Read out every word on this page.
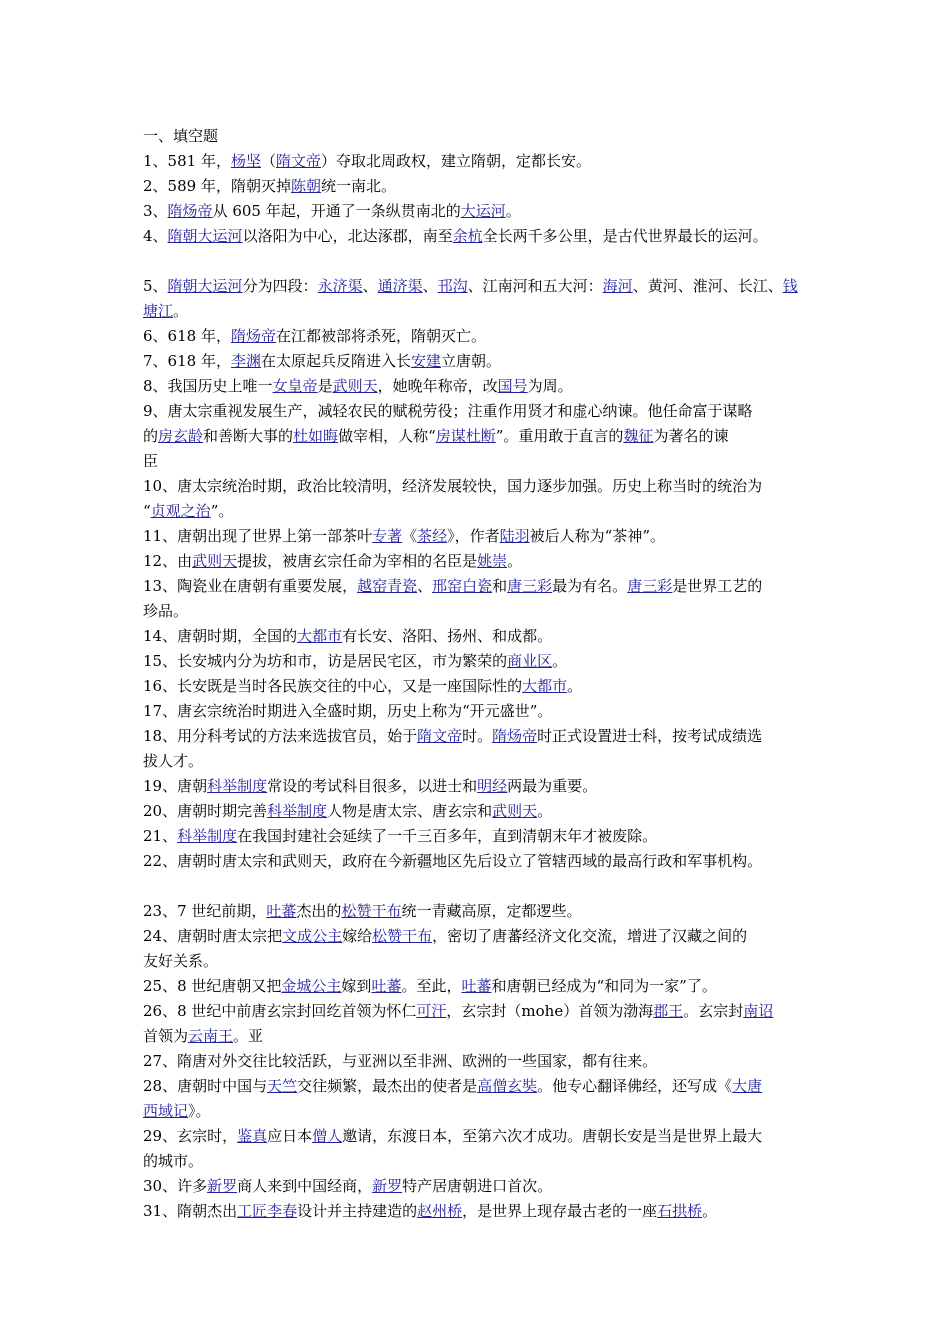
一、填空题
1、581 年，杨坚（隋文帝）夺取北周政权，建立隋朝，定都长安。
2、589 年，隋朝灭掉陈朝统一南北。
3、隋炀帝从 605 年起，开通了一条纵贯南北的大运河。
4、隋朝大运河以洛阳为中心，北达涿郡，南至余杭全长两千多公里，是古代世界最长的运河。
5、隋朝大运河分为四段：永济渠、通济渠、邗沟、江南河和五大河：海河、黄河、淮河、长江、钱
塘江。
6、618 年，隋炀帝在江都被部将杀死，隋朝灭亡。
7、618 年，李渊在太原起兵反隋进入长安建立唐朝。
8、我国历史上唯一女皇帝是武则天，她晚年称帝，改国号为周。
9、唐太宗重视发展生产，减轻农民的赋税劳役；注重作用贤才和虚心纳谏。他任命富于谋略
的房玄龄和善断大事的杜如晦做宰相，人称“房谋杜断”。重用敢于直言的魏征为著名的谏
臣
10、唐太宗统治时期，政治比较清明，经济发展较快，国力逐步加强。历史上称当时的统治为
“贞观之治”。
11、唐朝出现了世界上第一部茶叶专著《茶经》，作者陆羽被后人称为“茶神”。
12、由武则天提拔，被唐玄宗任命为宰相的名臣是姚崇。
13、陶瓷业在唐朝有重要发展，越窑青瓷、邢窑白瓷和唐三彩最为有名。唐三彩是世界工艺的
珍品。
14、唐朝时期，全国的大都市有长安、洛阳、扬州、和成都。
15、长安城内分为坊和市，访是居民宅区，市为繁荣的商业区。
16、长安既是当时各民族交往的中心，又是一座国际性的大都市。
17、唐玄宗统治时期进入全盛时期，历史上称为“开元盛世”。
18、用分科考试的方法来选拔官员，始于隋文帝时。隋炀帝时正式设置进士科，按考试成绩选
拔人才。
19、唐朝科举制度常设的考试科目很多，以进士和明经两最为重要。
20、唐朝时期完善科举制度人物是唐太宗、唐玄宗和武则天。
21、科举制度在我国封建社会延续了一千三百多年，直到清朝末年才被废除。
22、唐朝时唐太宗和武则天，政府在今新疆地区先后设立了管辖西域的最高行政和军事机构。
23、7 世纪前期，吐蕃杰出的松赞干布统一青藏高原，定都逻些。
24、唐朝时唐太宗把文成公主嫁给松赞干布，密切了唐蕃经济文化交流，增进了汉藏之间的
友好关系。
25、8 世纪唐朝又把金城公主嫁到吐蕃。至此，吐蕃和唐朝已经成为“和同为一家”了。
26、8 世纪中前唐玄宗封回纥首领为怀仁可汗，玄宗封（mohe）首领为渤海郡王。玄宗封南诏
首领为云南王。亚
27、隋唐对外交往比较活跃，与亚洲以至非洲、欧洲的一些国家，都有往来。
28、唐朝时中国与天竺交往频繁，最杰出的使者是高僧玄奘。他专心翻译佛经，还写成《大唐
西域记》。
29、玄宗时，鉴真应日本僧人邀请，东渡日本，至第六次才成功。唐朝长安是当是世界上最大
的城市。
30、许多新罗商人来到中国经商，新罗特产居唐朝进口首次。
31、隋朝杰出工匠李春设计并主持建造的赵州桥，是世界上现存最古老的一座石拱桥。
